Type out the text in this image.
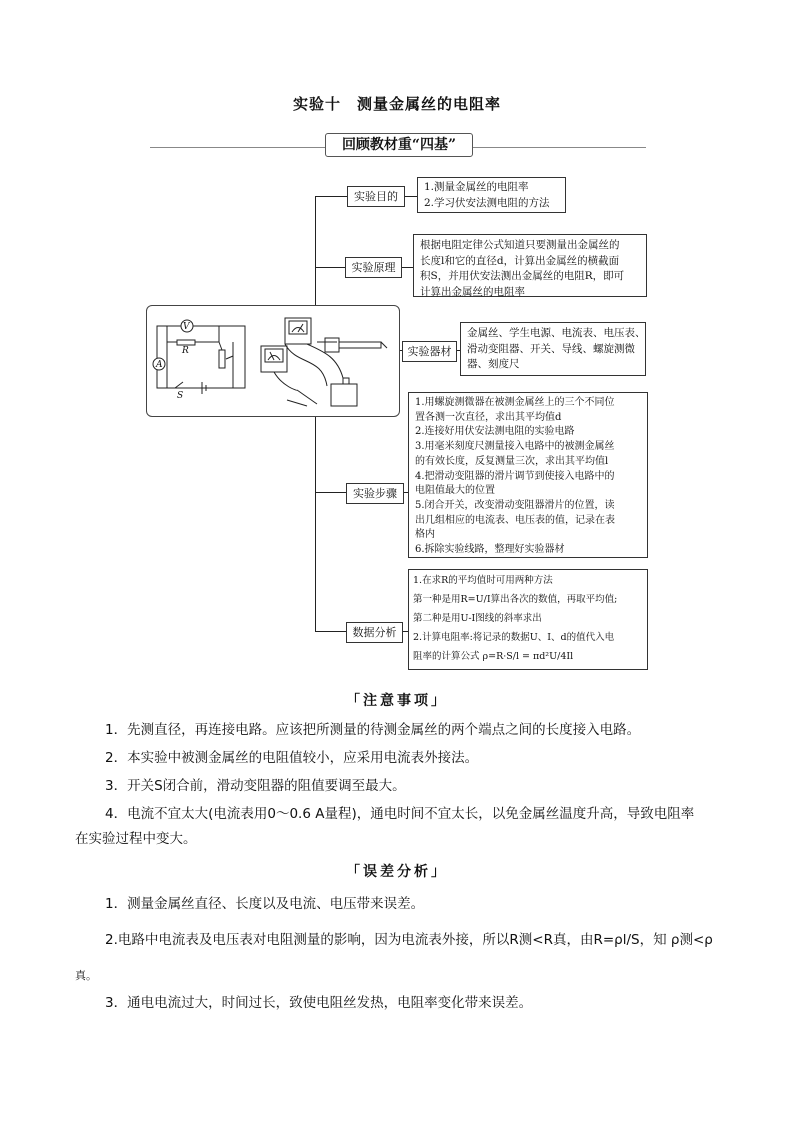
实验十　测量金属丝的电阻率
回顾教材重“四基”
实验目的
实验原理
实验器材
实验步骤
数据分析
1.测量金属丝的电阻率
2.学习伏安法测电阻的方法
根据电阻定律公式知道只要测量出金属丝的
长度l和它的直径d，计算出金属丝的横截面
积S，并用伏安法测出金属丝的电阻R，即可
计算出金属丝的电阻率
金属丝、学生电源、电流表、电压表、
滑动变阻器、开关、导线、螺旋测微
器、刻度尺
1.用螺旋测微器在被测金属丝上的三个不同位
置各测一次直径，求出其平均值d
2.连接好用伏安法测电阻的实验电路
3.用毫米刻度尺测量接入电路中的被测金属丝
的有效长度，反复测量三次，求出其平均值l
4.把滑动变阻器的滑片调节到使接入电路中的
电阻值最大的位置
5.闭合开关，改变滑动变阻器滑片的位置，读
出几组相应的电流表、电压表的值，记录在表
格内
6.拆除实验线路，整理好实验器材
1.在求R的平均值时可用两种方法
第一种是用R=U/I算出各次的数值，再取平均值;
第二种是用U-I图线的斜率求出
2.计算电阻率:将记录的数据U、I、d的值代入电
阻率的计算公式 ρ=R·S/l = πd²U/4Il
V
R
A
S
「注意事项」
1．先测直径，再连接电路。应该把所测量的待测金属丝的两个端点之间的长度接入电路。
2．本实验中被测金属丝的电阻值较小，应采用电流表外接法。
3．开关S闭合前，滑动变阻器的阻值要调至最大。
4．电流不宜太大(电流表用0～0.6 A量程)，通电时间不宜太长，以免金属丝温度升高，导致电阻率
在实验过程中变大。
「误差分析」
1．测量金属丝直径、长度以及电流、电压带来误差。
2.电路中电流表及电压表对电阻测量的影响，因为电流表外接，所以R测<R真，由R=ρl/S，知 ρ测<ρ
真。
3．通电电流过大，时间过长，致使电阻丝发热，电阻率变化带来误差。
